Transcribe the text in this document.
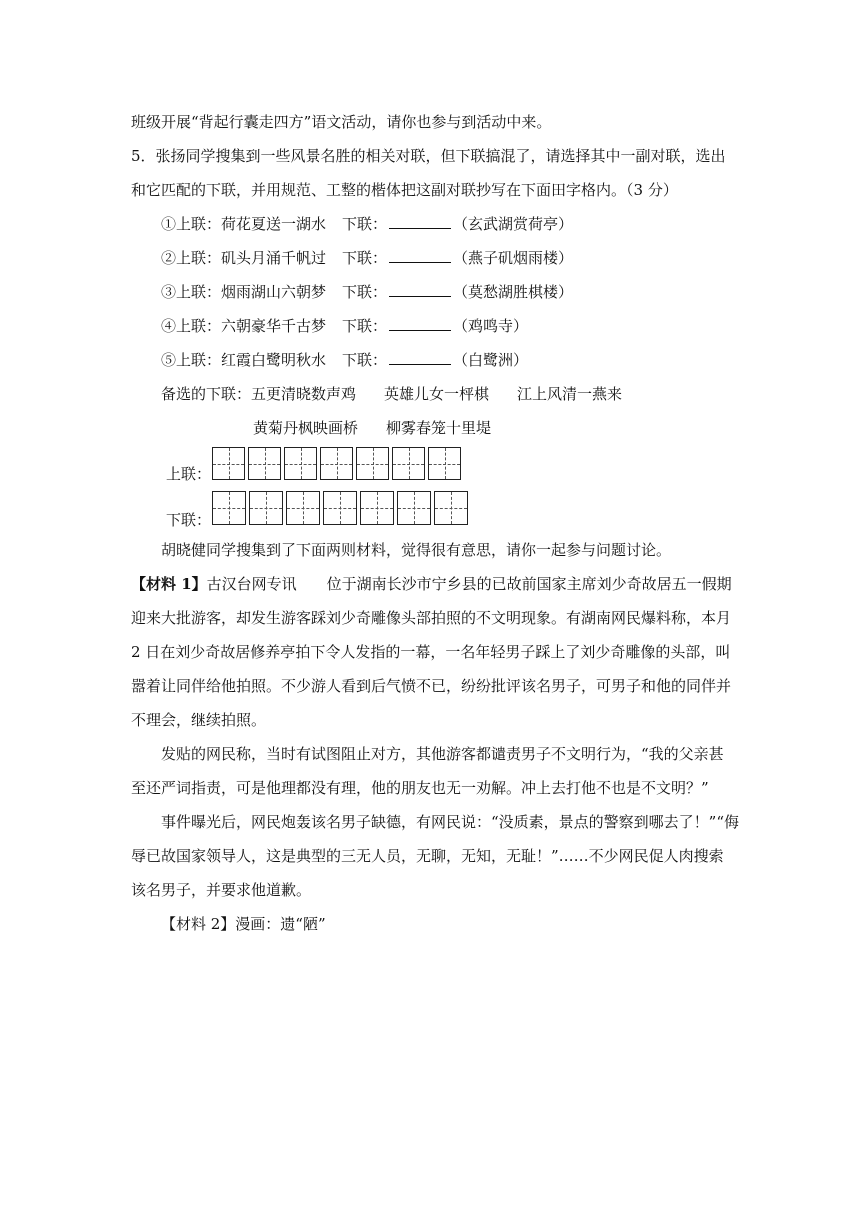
班级开展“背起行囊走四方”语文活动，请你也参与到活动中来。
5．张扬同学搜集到一些风景名胜的相关对联，但下联搞混了，请选择其中一副对联，选出
和它匹配的下联，并用规范、工整的楷体把这副对联抄写在下面田字格内。（3 分）
①上联：荷花夏送一湖水 下联：	（玄武湖赏荷亭）
②上联：矶头月涌千帆过 下联：	（燕子矶烟雨楼）
③上联：烟雨湖山六朝梦 下联：	（莫愁湖胜棋楼）
④上联：六朝豪华千古梦 下联：	（鸡鸣寺）
⑤上联：红霞白鹭明秋水 下联：	（白鹭洲）
备选的下联：五更清晓数声鸡 英雄儿女一枰棋 江上风清一燕来
黄菊丹枫映画桥 柳雾春笼十里堤
上联：
下联：
胡晓健同学搜集到了下面两则材料，觉得很有意思，请你一起参与问题讨论。
【材料 1】古汉台网专讯　　位于湖南长沙市宁乡县的已故前国家主席刘少奇故居五一假期
迎来大批游客，却发生游客踩刘少奇雕像头部拍照的不文明现象。有湖南网民爆料称，本月
2 日在刘少奇故居修养亭拍下令人发指的一幕，一名年轻男子踩上了刘少奇雕像的头部，叫
嚣着让同伴给他拍照。不少游人看到后气愤不已，纷纷批评该名男子，可男子和他的同伴并
不理会，继续拍照。
发贴的网民称，当时有试图阻止对方，其他游客都谴责男子不文明行为，“我的父亲甚
至还严词指责，可是他理都没有理，他的朋友也无一劝解。冲上去打他不也是不文明？”
事件曝光后，网民炮轰该名男子缺德，有网民说：“没质素，景点的警察到哪去了！”“侮
辱已故国家领导人，这是典型的三无人员，无聊，无知，无耻！”……不少网民促人肉搜索
该名男子，并要求他道歉。
【材料 2】漫画：遗“陋”
